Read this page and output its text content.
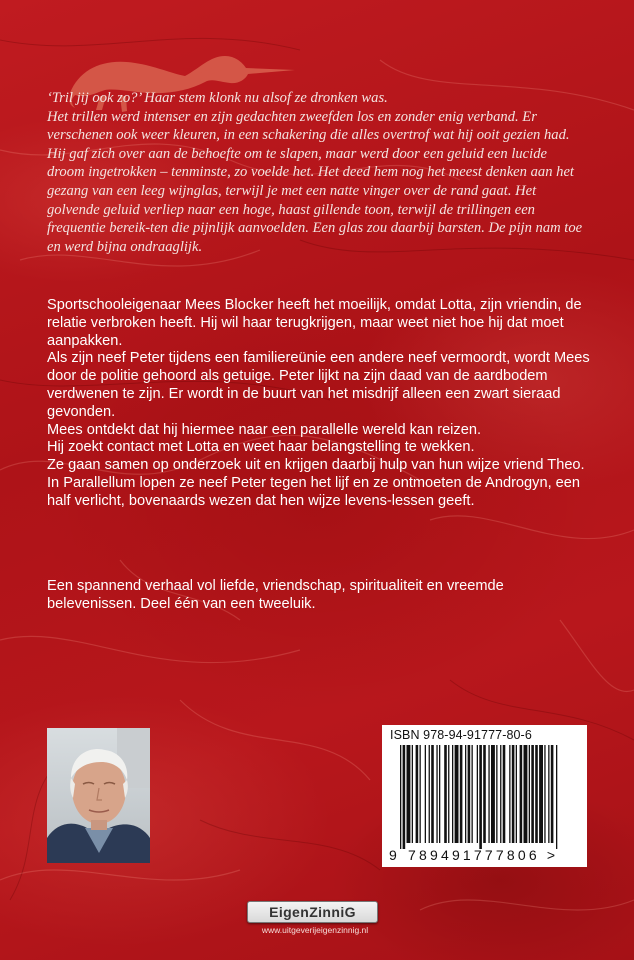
‘Tril jij ook zo?’ Haar stem klonk nu alsof ze dronken was.
Het trillen werd intenser en zijn gedachten zweefden los en zonder enig verband. Er verschenen ook weer kleuren, in een schakering die alles overtrof wat hij ooit gezien had. Hij gaf zich over aan de behoefte om te slapen, maar werd door een geluid een lucide droom ingetrokken – tenminste, zo voelde het. Het deed hem nog het meest denken aan het gezang van een leeg wijnglas, terwijl je met een natte vinger over de rand gaat. Het golvende geluid verliep naar een hoge, haast gillende toon, terwijl de trillingen een frequentie bereik-ten die pijnlijk aanvoelden. Een glas zou daarbij barsten. De pijn nam toe en werd bijna ondraaglijk.

Sportschooleigenaar Mees Blocker heeft het moeilijk, omdat Lotta, zijn vriendin, de relatie verbroken heeft. Hij wil haar terugkrijgen, maar weet niet hoe hij dat moet aanpakken.

Als zijn neef Peter tijdens een familiereünie een andere neef vermoordt, wordt Mees door de politie gehoord als getuige. Peter lijkt na zijn daad van de aardbodem verdwenen te zijn. Er wordt in de buurt van het misdrijf alleen een zwart sieraad gevonden.

Mees ontdekt dat hij hiermee naar een parallelle wereld kan reizen.

Hij zoekt contact met Lotta en weet haar belangstelling te wekken.

Ze gaan samen op onderzoek uit en krijgen daarbij hulp van hun wijze vriend Theo.

In Parallellum lopen ze neef Peter tegen het lijf en ze ontmoeten de Androgyn, een half verlicht, bovenaards wezen dat hen wijze levens-lessen geeft.

Een spannend verhaal vol liefde, vriendschap, spiritualiteit en vreemde belevenissen. Deel één van een tweeluik.

ISBN 978-94-91777-80-6
9 789491777806 >
EigenZinniG
www.uitgeverijeigenzinnig.nl
